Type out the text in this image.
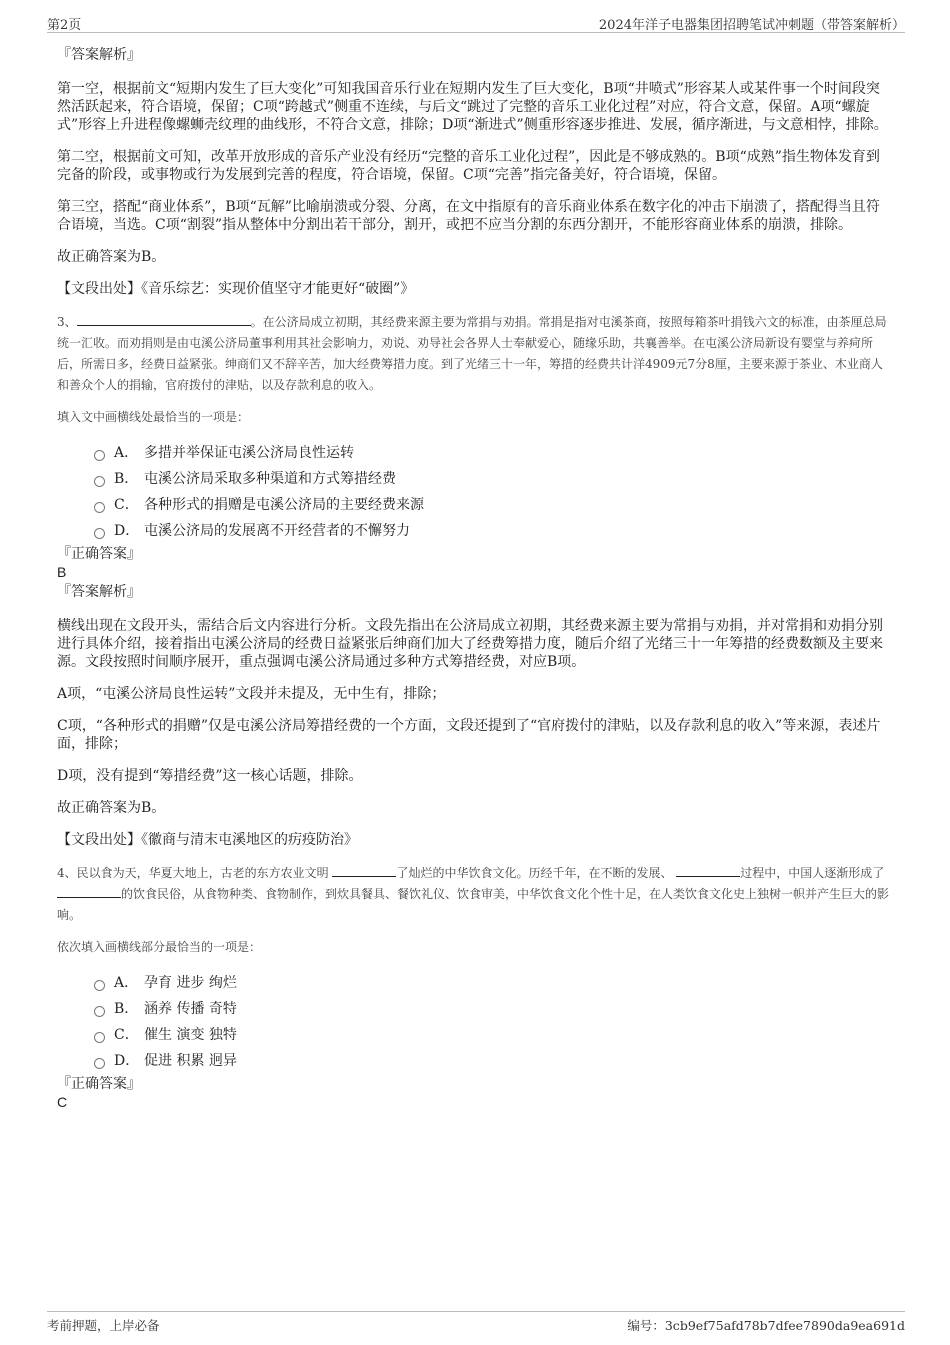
第2页	2024年洋子电器集团招聘笔试冲刺题（带答案解析）
『答案解析』

第一空，根据前文“短期内发生了巨大变化”可知我国音乐行业在短期内发生了巨大变化，B项“井喷式”形容某人或某件事一个时间段突然活跃起来，符合语境，保留；C项“跨越式”侧重不连续，与后文“跳过了完整的音乐工业化过程”对应，符合文意，保留。A项“螺旋式”形容上升进程像螺蛳壳纹理的曲线形，不符合文意，排除；D项“渐进式”侧重形容逐步推进、发展，循序渐进，与文意相悖，排除。

第二空，根据前文可知，改革开放形成的音乐产业没有经历“完整的音乐工业化过程”，因此是不够成熟的。B项“成熟”指生物体发育到完备的阶段，或事物或行为发展到完善的程度，符合语境，保留。C项“完善”指完备美好，符合语境，保留。

第三空，搭配“商业体系”，B项“瓦解”比喻崩溃或分裂、分离，在文中指原有的音乐商业体系在数字化的冲击下崩溃了，搭配得当且符合语境，当选。C项“割裂”指从整体中分割出若干部分，割开，或把不应当分割的东西分割开，不能形容商业体系的崩溃，排除。

故正确答案为B。

【文段出处】《音乐综艺：实现价值坚守才能更好“破圈”》

3、	。在公济局成立初期，其经费来源主要为常捐与劝捐。常捐是指对屯溪茶商，按照每箱茶叶捐钱六文的标准，由茶厘总局统一汇收。而劝捐则是由屯溪公济局董事利用其社会影响力，劝说、劝导社会各界人士奉献爱心，随缘乐助，共襄善举。在屯溪公济局新设有婴堂与养疴所后，所需日多，经费日益紧张。绅商们又不辞辛苦，加大经费筹措力度。到了光绪三十一年，筹措的经费共计洋4909元7分8厘，主要来源于茶业、木业商人和善众个人的捐输，官府拨付的津贴，以及存款利息的收入。

填入文中画横线处最恰当的一项是：

A． 多措并举保证屯溪公济局良性运转
B． 屯溪公济局采取多种渠道和方式筹措经费
C． 各种形式的捐赠是屯溪公济局的主要经费来源
D． 屯溪公济局的发展离不开经营者的不懈努力
『正确答案』
B
『答案解析』

横线出现在文段开头，需结合后文内容进行分析。文段先指出在公济局成立初期，其经费来源主要为常捐与劝捐，并对常捐和劝捐分别进行具体介绍，接着指出屯溪公济局的经费日益紧张后绅商们加大了经费筹措力度，随后介绍了光绪三十一年筹措的经费数额及主要来源。文段按照时间顺序展开，重点强调屯溪公济局通过多种方式筹措经费，对应B项。

A项，“屯溪公济局良性运转”文段并未提及，无中生有，排除；

C项，“各种形式的捐赠”仅是屯溪公济局筹措经费的一个方面，文段还提到了“官府拨付的津贴，以及存款利息的收入”等来源，表述片面，排除；

D项，没有提到“筹措经费”这一核心话题，排除。

故正确答案为B。

【文段出处】《徽商与清末屯溪地区的疠疫防治》

4、民以食为天，华夏大地上，古老的东方农业文明	了灿烂的中华饮食文化。历经千年，在不断的发展、	过程中，中国人逐渐形成了 的饮食民俗，从食物种类、食物制作，到炊具餐具、餐饮礼仪、饮食审美，中华饮食文化个性十足，在人类饮食文化史上独树一帜并产生巨大的影响。

依次填入画横线部分最恰当的一项是：

A． 孕育 进步 绚烂
B． 涵养 传播 奇特
C． 催生 演变 独特
D． 促进 积累 迥异
『正确答案』
C
考前押题，上岸必备	编号：3cb9ef75afd78b7dfee7890da9ea691d
